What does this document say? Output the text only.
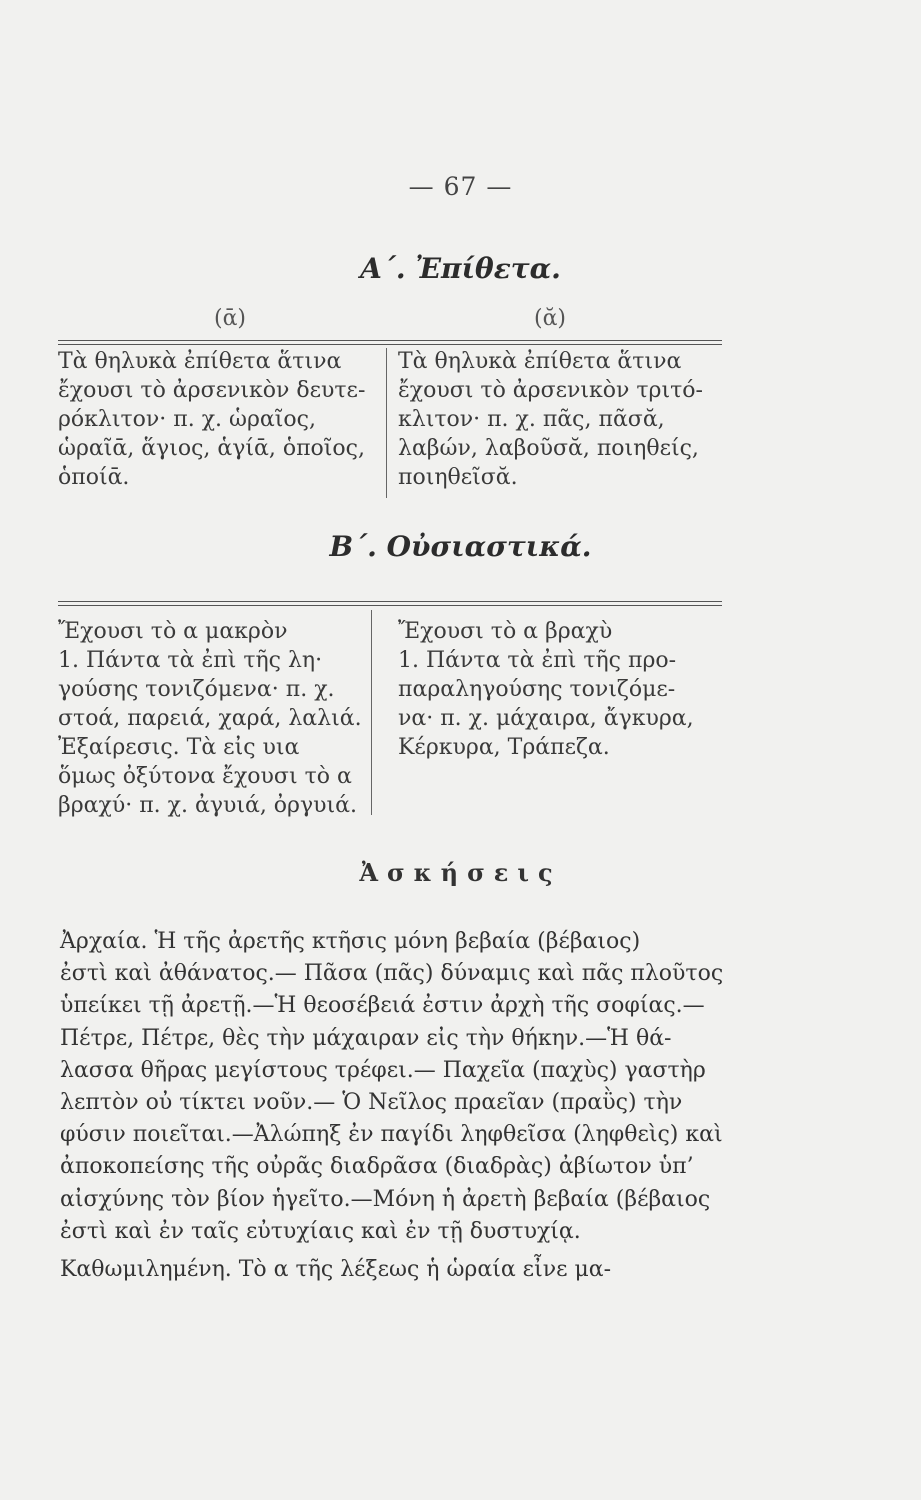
— 67 —
Α΄. Ἐπίθετα.
(ᾱ)	(ᾰ)

Τὰ θηλυκὰ ἐπίθετα ἅτινα

ἔχουσι τὸ ἀρσενικὸν δευτε-

ρόκλιτον· π. χ. ὡραῖος,

ὡραῖᾱ, ἅγιος, ἁγίᾱ, ὁποῖος,

ὁποίᾱ.

Τὰ θηλυκὰ ἐπίθετα ἅτινα

ἔχουσι τὸ ἀρσενικὸν τριτό-

κλιτον· π. χ. πᾶς, πᾶσᾰ,

λαβών, λαβοῦσᾰ, ποιηθείς,

ποιηθεῖσᾰ.

Β΄. Οὐσιαστικά.

Ἔχουσι τὸ α μακρὸν

1. Πάντα τὰ ἐπὶ τῆς λη·

γούσης τονιζόμενα· π. χ.

στοά, παρειά, χαρά, λαλιά.

Ἐξαίρεσις. Τὰ εἰς υια

ὅμως ὀξύτονα ἔχουσι τὸ α

βραχύ· π. χ. ἀγυιά, ὀργυιά.

Ἔχουσι τὸ α βραχὺ

1. Πάντα τὰ ἐπὶ τῆς προ-

παραληγούσης τονιζόμε-

να· π. χ. μάχαιρα, ἄγκυρα,

Κέρκυρα, Τράπεζα.

Ἀσκήσεις

Ἀρχαία. Ἡ τῆς ἀρετῆς κτῆσις μόνη βεβαία (βέβαιος)

ἐστὶ καὶ ἀθάνατος.— Πᾶσα (πᾶς) δύναμις καὶ πᾶς πλοῦτος

ὑπείκει τῇ ἀρετῇ.—Ἡ θεοσέβειά ἐστιν ἀρχὴ τῆς σοφίας.—

Πέτρε, Πέτρε, θὲς τὴν μάχαιραν εἰς τὴν θήκην.—Ἡ θά-

λασσα θῆρας μεγίστους τρέφει.— Παχεῖα (παχὺς) γαστὴρ

λεπτὸν οὐ τίκτει νοῦν.— Ὁ Νεῖλος πραεῖαν (πραῢς) τὴν

φύσιν ποιεῖται.—Ἀλώπηξ ἐν παγίδι ληφθεῖσα (ληφθεὶς) καὶ

ἀποκοπείσης τῆς οὐρᾶς διαδρᾶσα (διαδρὰς) ἀβίωτον ὑπ’

αἰσχύνης τὸν βίον ἡγεῖτο.—Μόνη ἡ ἀρετὴ βεβαία (βέβαιος

ἐστὶ καὶ ἐν ταῖς εὐτυχίαις καὶ ἐν τῇ δυστυχίᾳ.

Καθωμιλημένη. Τὸ α τῆς λέξεως ἡ ὡραία εἶνε μα-
